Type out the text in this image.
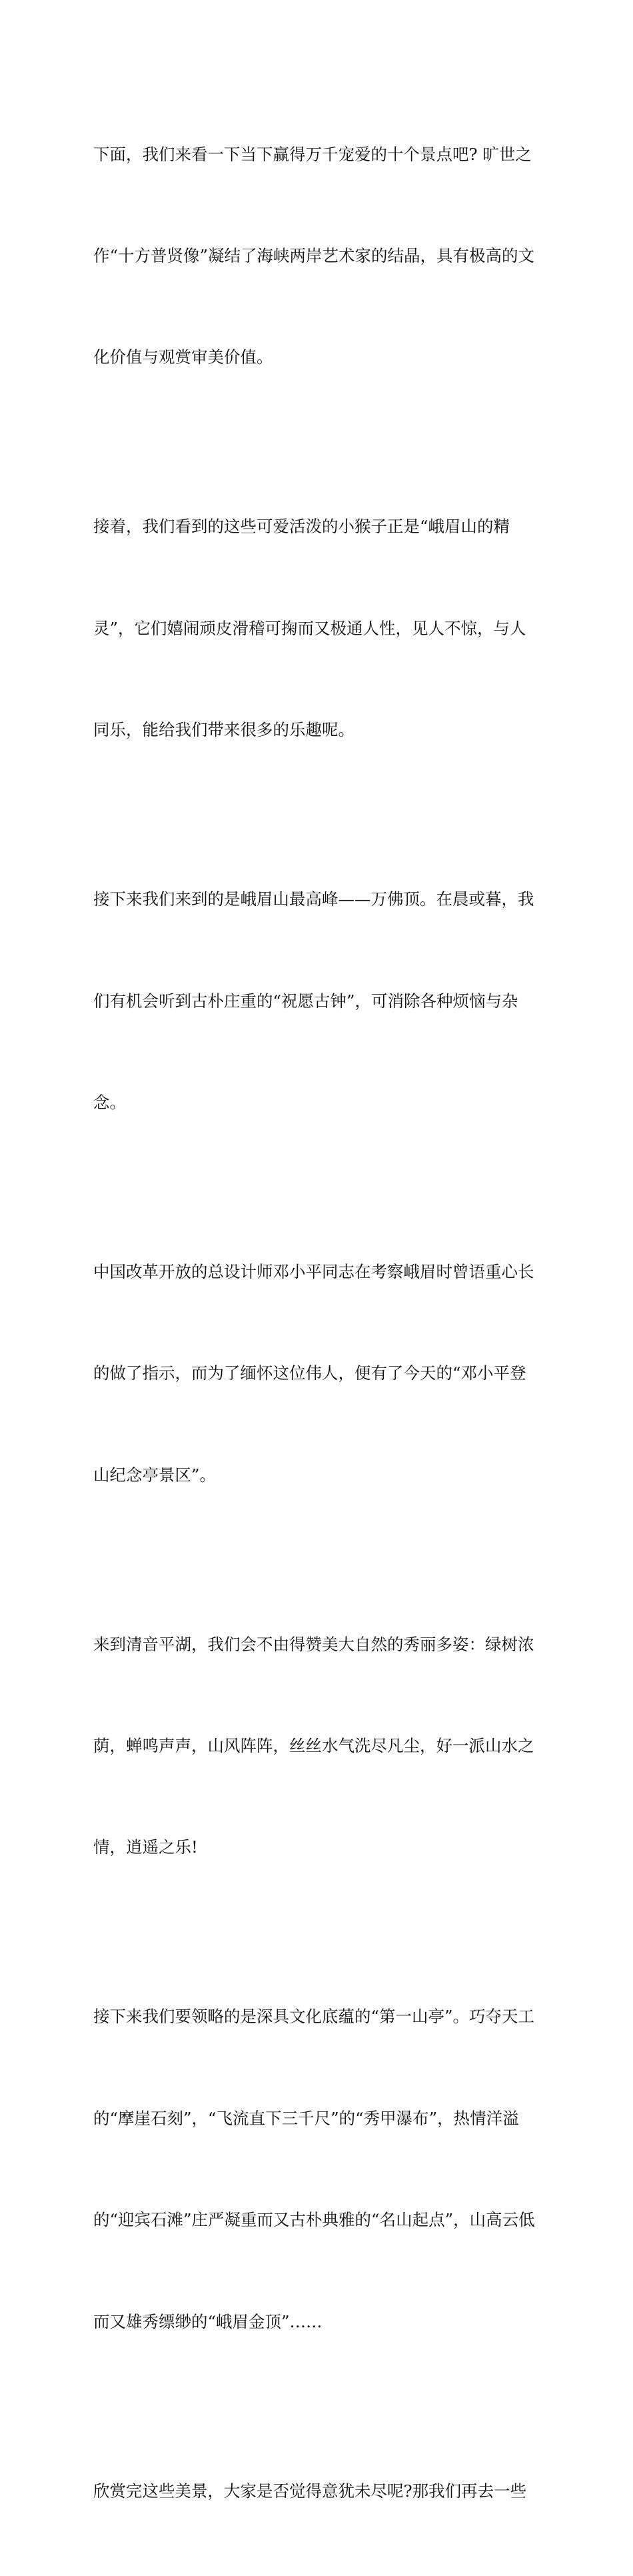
下面，我们来看一下当下赢得万千宠爱的十个景点吧? 旷世之

作“十方普贤像”凝结了海峡两岸艺术家的结晶，具有极高的文

化价值与观赏审美价值。

接着，我们看到的这些可爱活泼的小猴子正是“峨眉山的精

灵”，它们嬉闹顽皮滑稽可掬而又极通人性，见人不惊，与人

同乐，能给我们带来很多的乐趣呢。

接下来我们来到的是峨眉山最高峰——万佛顶。在晨或暮，我

们有机会听到古朴庄重的“祝愿古钟”，可消除各种烦恼与杂

念。

中国改革开放的总设计师邓小平同志在考察峨眉时曾语重心长

的做了指示，而为了缅怀这位伟人，便有了今天的“邓小平登

山纪念亭景区”。

来到清音平湖，我们会不由得赞美大自然的秀丽多姿：绿树浓

荫，蝉鸣声声，山风阵阵，丝丝水气洗尽凡尘，好一派山水之

情，逍遥之乐!

接下来我们要领略的是深具文化底蕴的“第一山亭”。巧夺天工

的“摩崖石刻”，“飞流直下三千尺”的“秀甲瀑布”，热情洋溢

的“迎宾石滩”庄严凝重而又古朴典雅的“名山起点”，山高云低

而又雄秀缥缈的“峨眉金顶”……

欣赏完这些美景，大家是否觉得意犹未尽呢?那我们再去一些
